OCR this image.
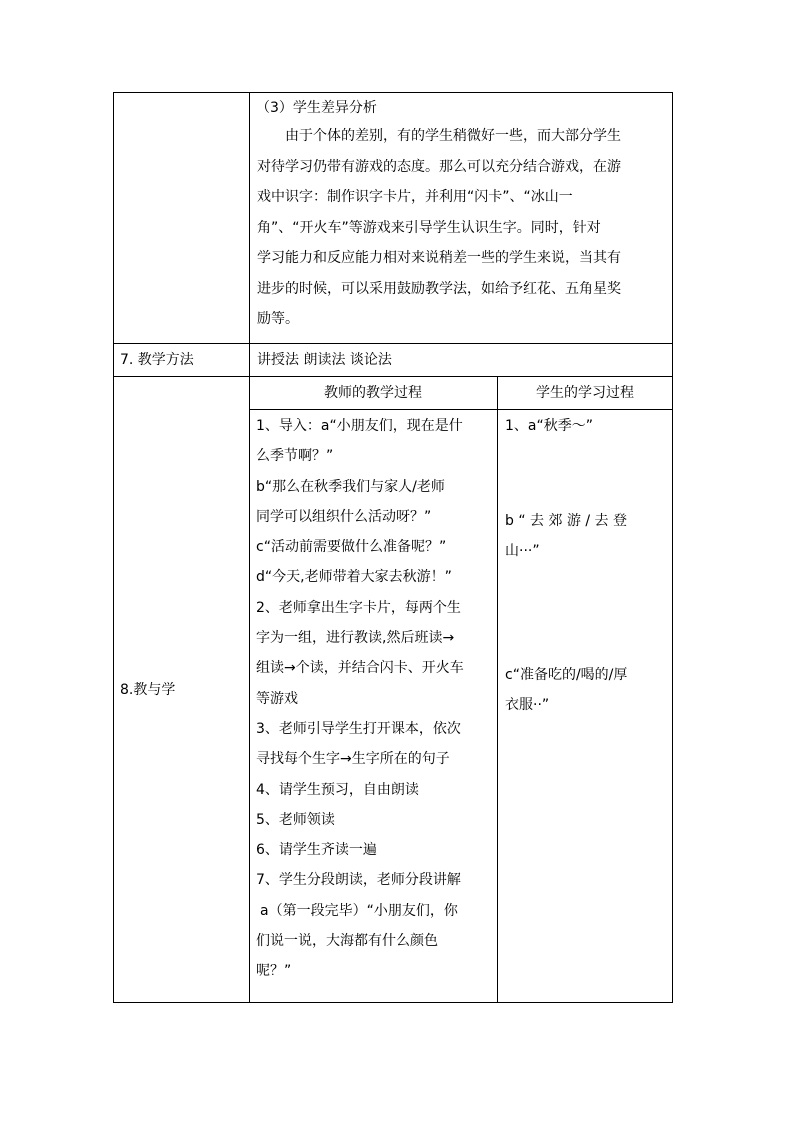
（3）学生差异分析
由于个体的差别，有的学生稍微好一些，而大部分学生
对待学习仍带有游戏的态度。那么可以充分结合游戏，在游
戏中识字：制作识字卡片，并利用“闪卡”、“冰山一
角”、“开火车”等游戏来引导学生认识生字。同时，针对
学习能力和反应能力相对来说稍差一些的学生来说，当其有
进步的时候，可以采用鼓励教学法，如给予红花、五角星奖
励等。
7. 教学方法	讲授法 朗读法 谈论法
8.教与学
教师的教学过程	学生的学习过程
1、导入：a“小朋友们，现在是什
么季节啊？”
b“那么在秋季我们与家人/老师
同学可以组织什么活动呀？”
c“活动前需要做什么准备呢？”
d“今天,老师带着大家去秋游！”
2、老师拿出生字卡片，每两个生
字为一组，进行教读,然后班读→
组读→个读，并结合闪卡、开火车
等游戏
3、老师引导学生打开课本，依次
寻找每个生字→生字所在的句子
4、请学生预习，自由朗读
5、老师领读
6、请学生齐读一遍
7、学生分段朗读，老师分段讲解
a（第一段完毕）“小朋友们，你
们说一说，大海都有什么颜色
呢？”
1、a“秋季～”
b “ 去 郊 游 / 去 登
山···”
c“准备吃的/喝的/厚
衣服··”
